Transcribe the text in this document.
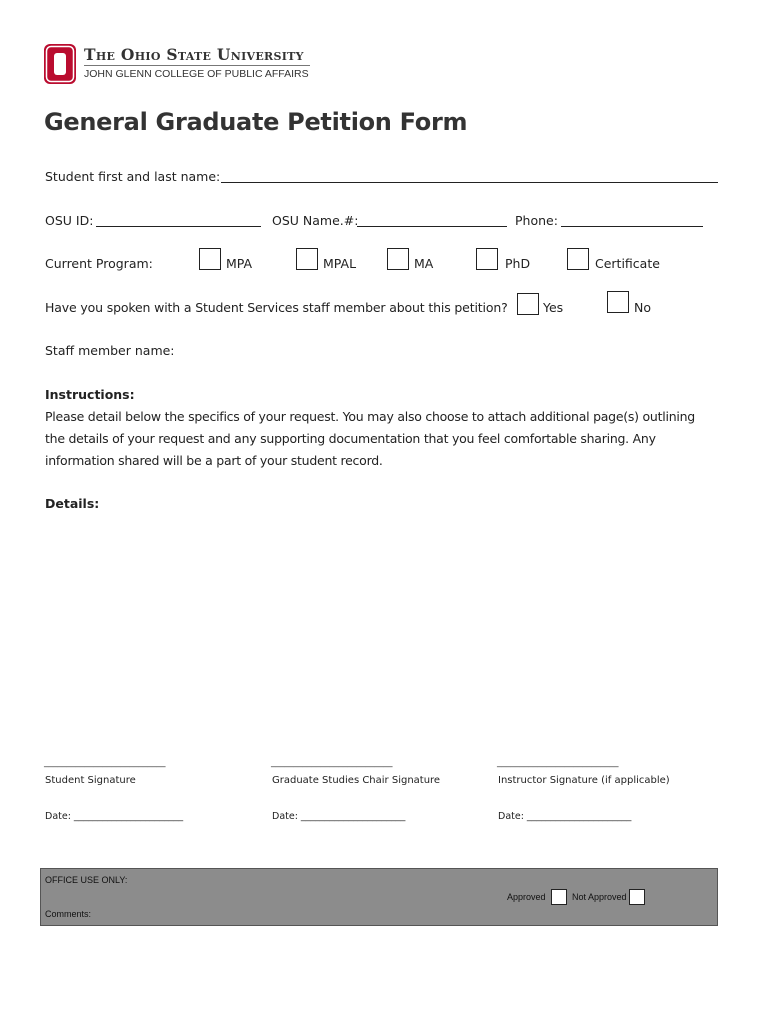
The Ohio State University
JOHN GLENN COLLEGE OF PUBLIC AFFAIRS
General Graduate Petition Form
Student first and last name:
OSU ID:	OSU Name.#:	Phone:
Current Program:	MPA	MPAL	MA	PhD	Certificate
Have you spoken with a Student Services staff member about this petition?	Yes	No
Staff member name:
Instructions:
Please detail below the specifics of your request. You may also choose to attach additional page(s) outlining
the details of your request and any supporting documentation that you feel comfortable sharing. Any
information shared will be a part of your student record.
Details:
___________________________
Student Signature
Date: _______________________
___________________________
Graduate Studies Chair Signature
Date: ______________________
___________________________
Instructor Signature (if applicable)
Date: ______________________
OFFICE USE ONLY:
Approved	Not Approved
Comments:
